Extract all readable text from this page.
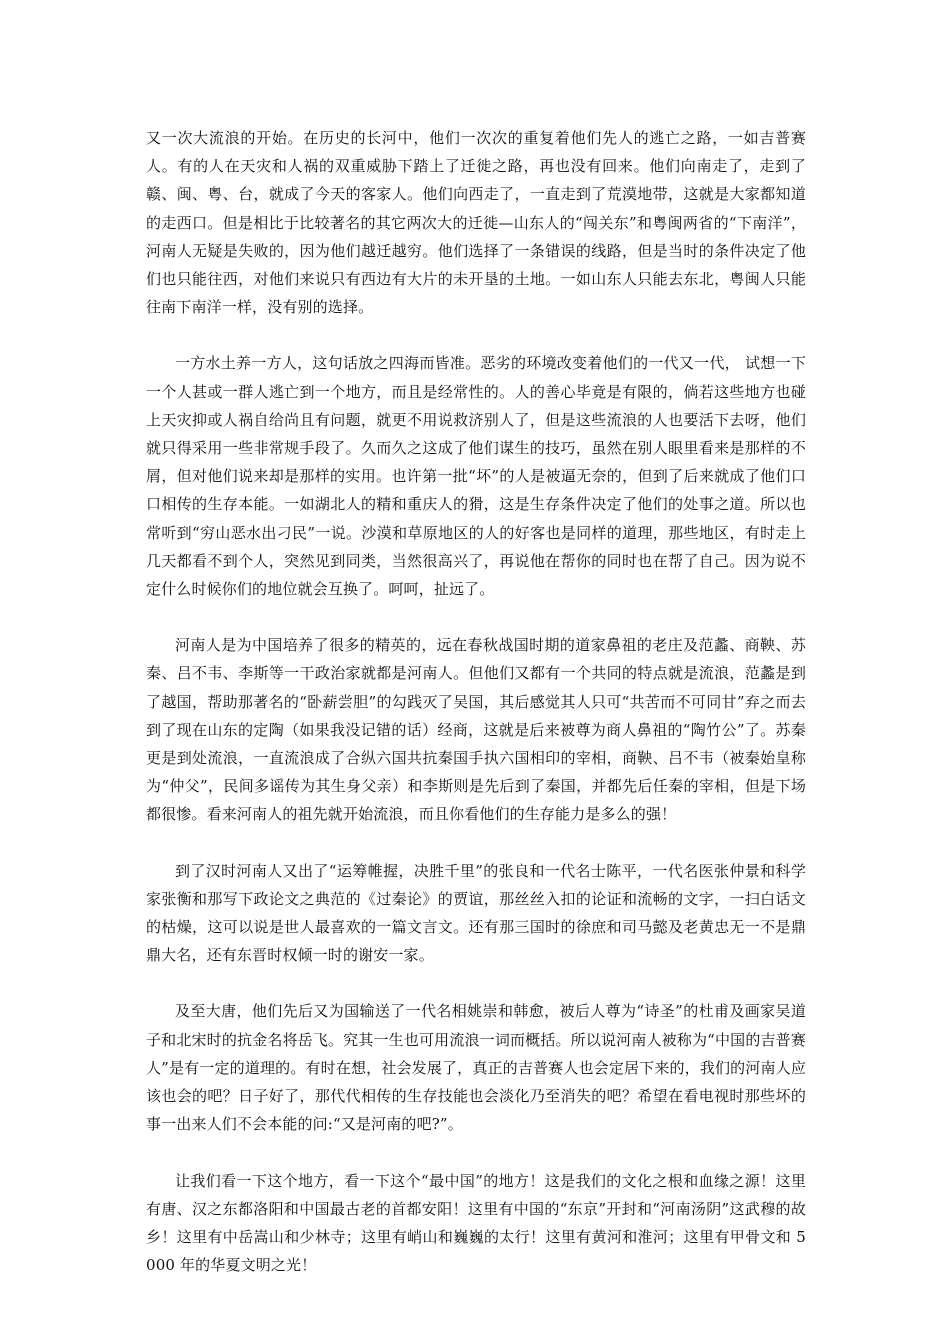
又一次大流浪的开始。在历史的长河中，他们一次次的重复着他们先人的逃亡之路，一如吉普赛人。有的人在天灾和人祸的双重威胁下踏上了迁徙之路，再也没有回来。他们向南走了，走到了赣、闽、粤、台，就成了今天的客家人。他们向西走了，一直走到了荒漠地带，这就是大家都知道的走西口。但是相比于比较著名的其它两次大的迁徙—山东人的“闯关东”和粤闽两省的“下南洋”，河南人无疑是失败的，因为他们越迁越穷。他们选择了一条错误的线路，但是当时的条件决定了他们也只能往西，对他们来说只有西边有大片的未开垦的土地。一如山东人只能去东北，粤闽人只能往南下南洋一样，没有别的选择。

一方水土养一方人，这句话放之四海而皆准。恶劣的环境改变着他们的一代又一代， 试想一下一个人甚或一群人逃亡到一个地方，而且是经常性的。人的善心毕竟是有限的，倘若这些地方也碰上天灾抑或人祸自给尚且有问题，就更不用说救济别人了，但是这些流浪的人也要活下去呀，他们就只得采用一些非常规手段了。久而久之这成了他们谋生的技巧，虽然在别人眼里看来是那样的不屑，但对他们说来却是那样的实用。也许第一批“坏”的人是被逼无奈的，但到了后来就成了他们口口相传的生存本能。一如湖北人的精和重庆人的猾，这是生存条件决定了他们的处事之道。所以也常听到“穷山恶水出刁民”一说。沙漠和草原地区的人的好客也是同样的道理，那些地区，有时走上几天都看不到个人，突然见到同类，当然很高兴了，再说他在帮你的同时也在帮了自己。因为说不定什么时候你们的地位就会互换了。呵呵，扯远了。

河南人是为中国培养了很多的精英的，远在春秋战国时期的道家鼻祖的老庄及范蠡、商鞅、苏秦、吕不韦、李斯等一干政治家就都是河南人。但他们又都有一个共同的特点就是流浪，范蠡是到了越国，帮助那著名的“卧薪尝胆”的勾践灭了吴国，其后感觉其人只可“共苦而不可同甘”弃之而去到了现在山东的定陶（如果我没记错的话）经商，这就是后来被尊为商人鼻祖的“陶竹公”了。苏秦更是到处流浪，一直流浪成了合纵六国共抗秦国手执六国相印的宰相，商鞅、吕不韦（被秦始皇称为“仲父”，民间多谣传为其生身父亲）和李斯则是先后到了秦国，并都先后任秦的宰相，但是下场都很惨。看来河南人的祖先就开始流浪，而且你看他们的生存能力是多么的强！

到了汉时河南人又出了“运筹帷握，决胜千里”的张良和一代名士陈平，一代名医张仲景和科学家张衡和那写下政论文之典范的《过秦论》的贾谊，那丝丝入扣的论证和流畅的文字，一扫白话文的枯燥，这可以说是世人最喜欢的一篇文言文。还有那三国时的徐庶和司马懿及老黄忠无一不是鼎鼎大名，还有东晋时权倾一时的谢安一家。

及至大唐，他们先后又为国输送了一代名相姚崇和韩愈，被后人尊为“诗圣”的杜甫及画家吴道子和北宋时的抗金名将岳飞。究其一生也可用流浪一词而概括。所以说河南人被称为“中国的吉普赛人”是有一定的道理的。有时在想，社会发展了，真正的吉普赛人也会定居下来的，我们的河南人应该也会的吧？日子好了，那代代相传的生存技能也会淡化乃至消失的吧？希望在看电视时那些坏的事一出来人们不会本能的问:“又是河南的吧?”。

让我们看一下这个地方，看一下这个“最中国”的地方！这是我们的文化之根和血缘之源！这里有唐、汉之东都洛阳和中国最古老的首都安阳！这里有中国的“东京”开封和“河南汤阴”这武穆的故乡！这里有中岳嵩山和少林寺；这里有峭山和巍巍的太行！这里有黄河和淮河；这里有甲骨文和 5000 年的华夏文明之光！
